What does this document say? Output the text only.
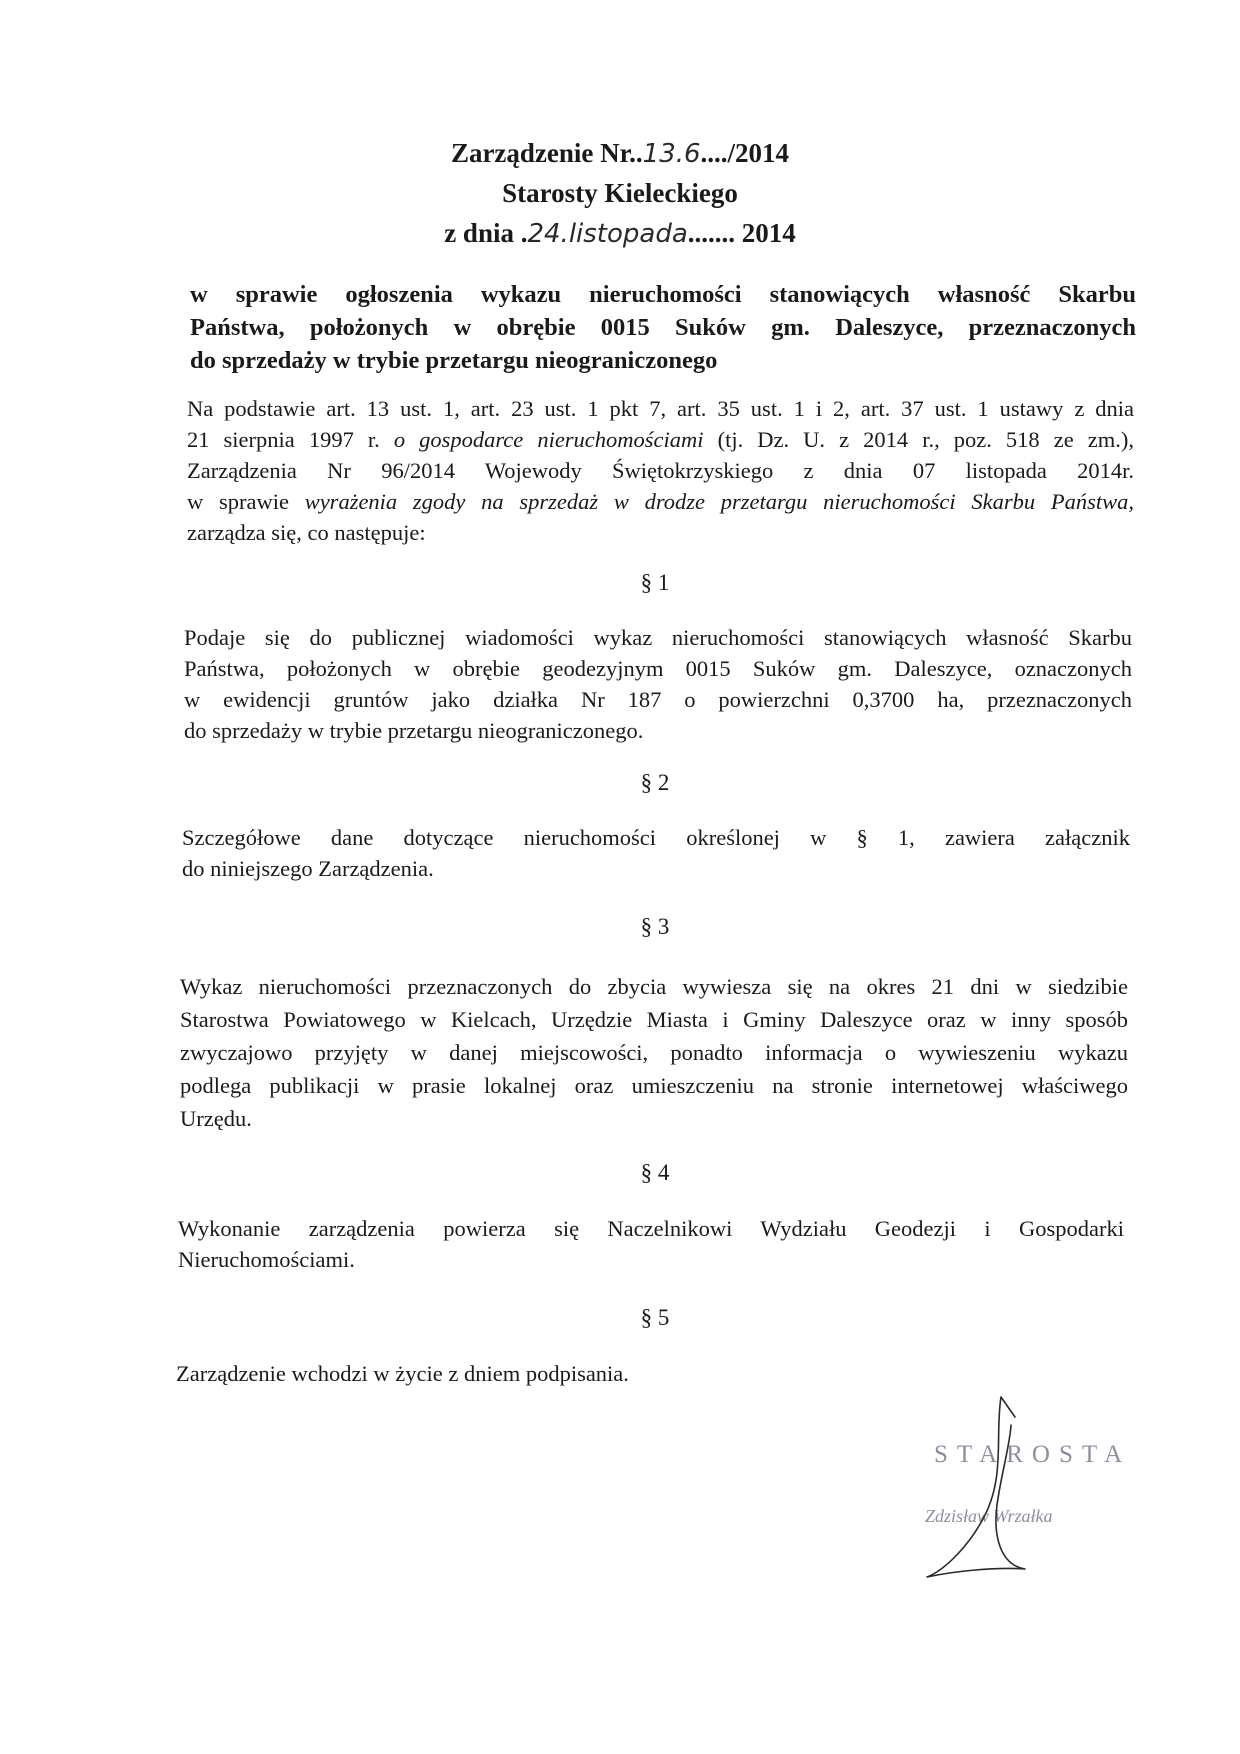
Zarządzenie Nr..13.6..../2014
Starosty Kieleckiego
z dnia .24.listopada....... 2014
w sprawie ogłoszenia wykazu nieruchomości stanowiących własność Skarbu
Państwa, położonych w obrębie 0015 Suków gm. Daleszyce, przeznaczonych
do sprzedaży w trybie przetargu nieograniczonego
Na podstawie art. 13 ust. 1, art. 23 ust. 1 pkt 7, art. 35 ust. 1 i 2, art. 37 ust. 1 ustawy z dnia
21 sierpnia 1997 r. o gospodarce nieruchomościami (tj. Dz. U. z 2014 r., poz. 518 ze zm.),
Zarządzenia Nr 96/2014 Wojewody Świętokrzyskiego z dnia 07 listopada 2014r.
w sprawie wyrażenia zgody na sprzedaż w drodze przetargu nieruchomości Skarbu Państwa,
zarządza się, co następuje:
§ 1
Podaje się do publicznej wiadomości wykaz nieruchomości stanowiących własność Skarbu
Państwa, położonych w obrębie geodezyjnym 0015 Suków gm. Daleszyce, oznaczonych
w ewidencji gruntów jako działka Nr 187 o powierzchni 0,3700 ha, przeznaczonych
do sprzedaży w trybie przetargu nieograniczonego.
§ 2
Szczegółowe dane dotyczące nieruchomości określonej w § 1, zawiera załącznik
do niniejszego Zarządzenia.
§ 3
Wykaz nieruchomości przeznaczonych do zbycia wywiesza się na okres 21 dni w siedzibie
Starostwa Powiatowego w Kielcach, Urzędzie Miasta i Gminy Daleszyce oraz w inny sposób
zwyczajowo przyjęty w danej miejscowości, ponadto informacja o wywieszeniu wykazu
podlega publikacji w prasie lokalnej oraz umieszczeniu na stronie internetowej właściwego
Urzędu.
§ 4
Wykonanie zarządzenia powierza się Naczelnikowi Wydziału Geodezji i Gospodarki
Nieruchomościami.
§ 5
Zarządzenie wchodzi w życie z dniem podpisania.
STAROSTA
Zdzisław Wrzałka
